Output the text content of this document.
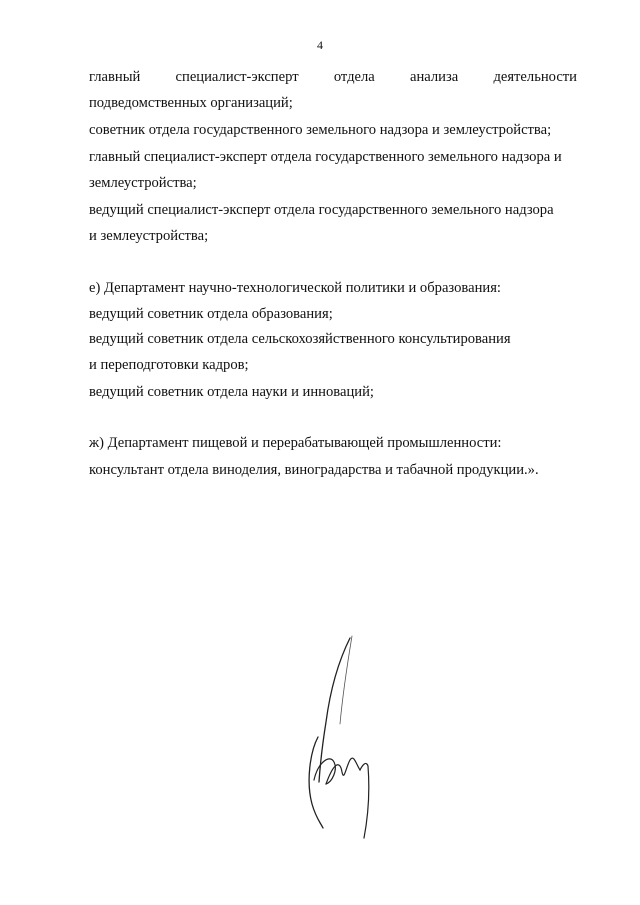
4
главный специалист-эксперт отдела анализа деятельности
подведомственных организаций;
советник отдела государственного земельного надзора и землеустройства;
главный специалист-эксперт отдела государственного земельного надзора и
землеустройства;
ведущий специалист-эксперт отдела государственного земельного надзора
и землеустройства;
е) Департамент научно-технологической политики и образования:
ведущий советник отдела образования;
ведущий советник отдела сельскохозяйственного консультирования
и переподготовки кадров;
ведущий советник отдела науки и инноваций;
ж) Департамент пищевой и перерабатывающей промышленности:
консультант отдела виноделия, виноградарства и табачной продукции.».
